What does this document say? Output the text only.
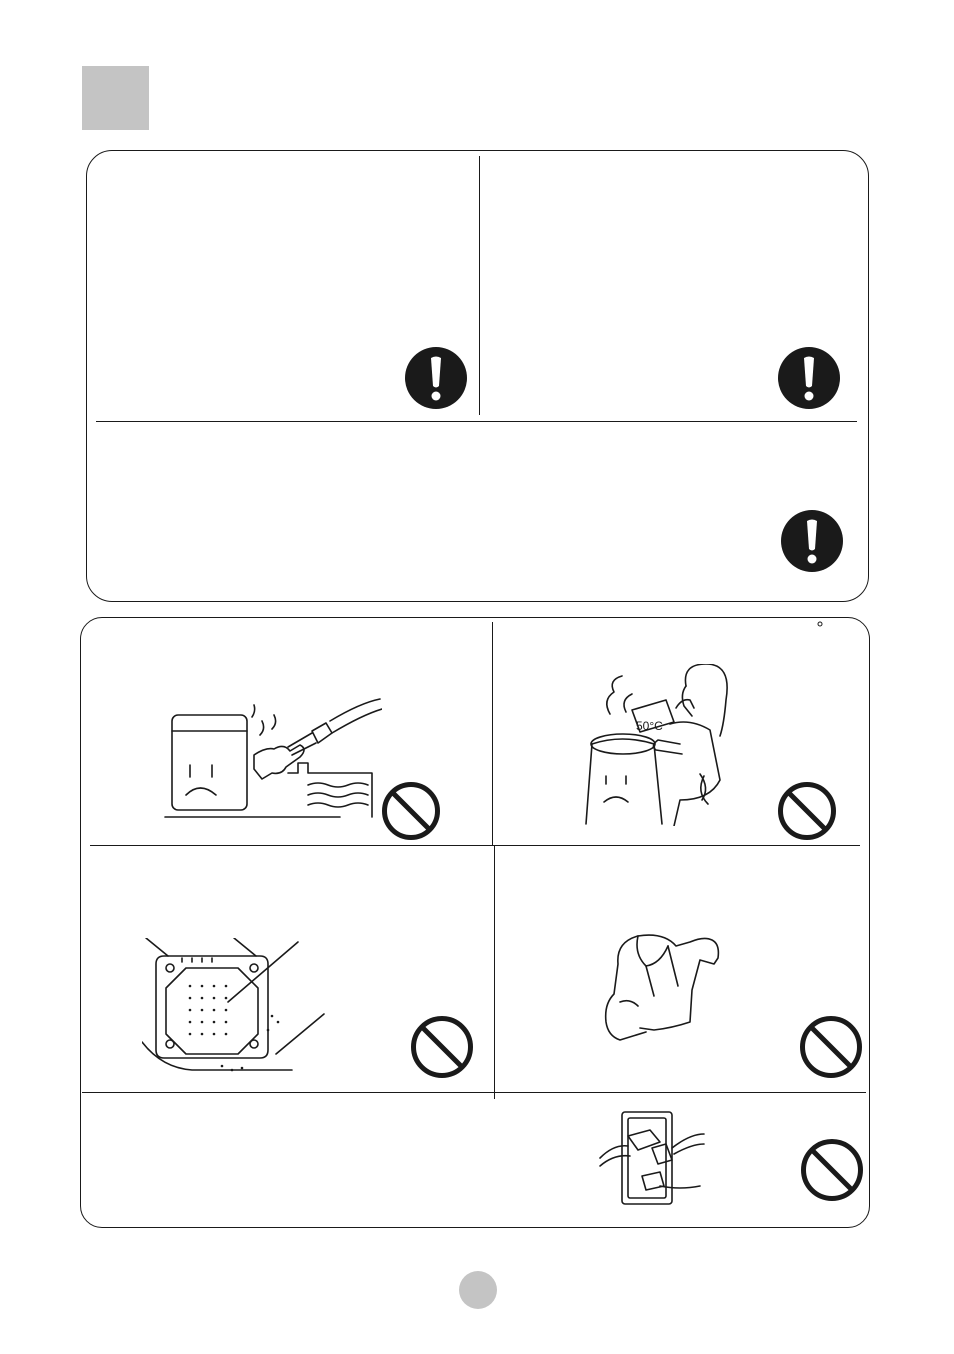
50°C
